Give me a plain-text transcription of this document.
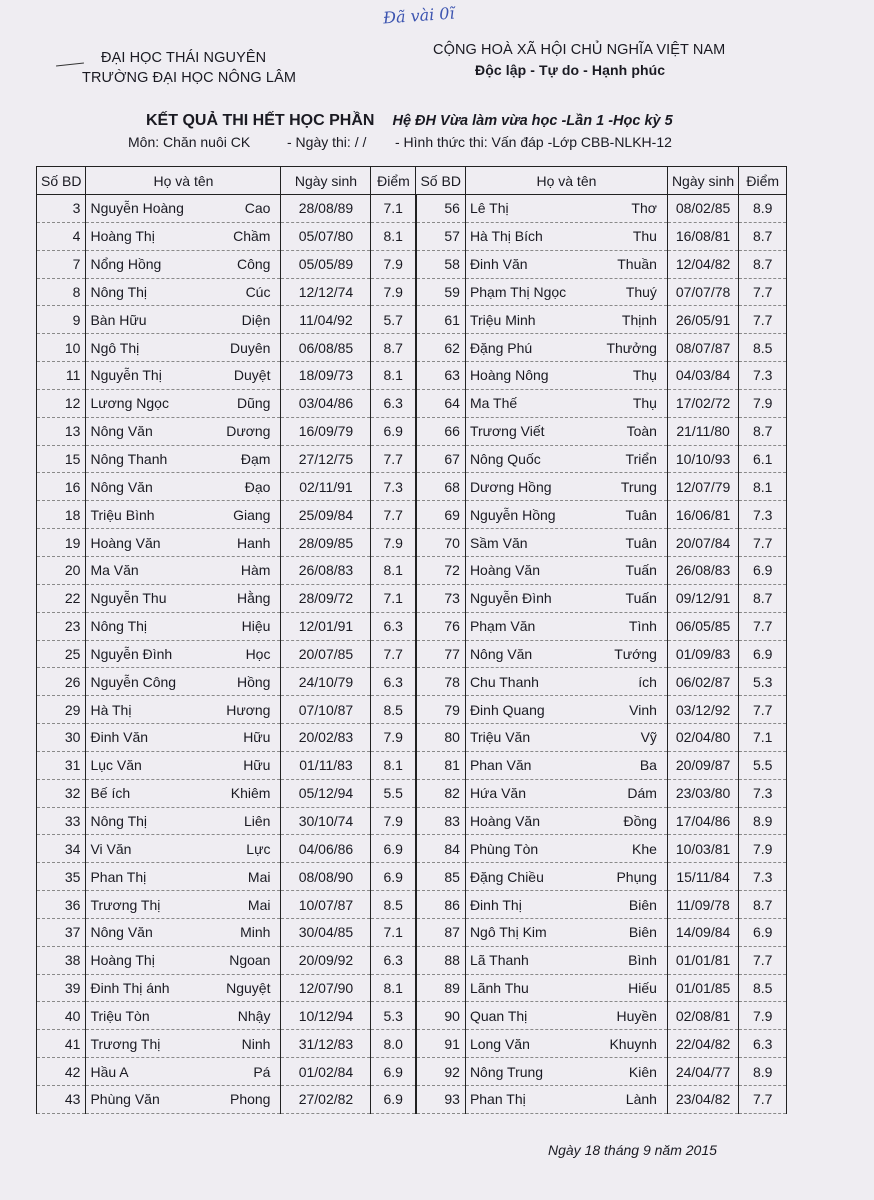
Đã vài 0ĩ
ĐẠI HỌC THÁI NGUYÊN
TRƯỜNG ĐẠI HỌC NÔNG LÂM
CỘNG HOÀ XÃ HỘI CHỦ NGHĨA VIỆT NAM
Độc lập - Tự do - Hạnh phúc
KẾT QUẢ THI HẾT HỌC PHẦN Hệ ĐH Vừa làm vừa học -Lần 1 -Học kỳ 5
Môn: Chăn nuôi CK	- Ngày thi: / / - Hình thức thi: Vấn đáp -Lớp CBB-NLKH-12
Số BD	Họ và tên	Ngày sinh	Điểm	Số BD	Họ và tên	Ngày sinh	Điểm
3	Nguyễn Hoàng Cao	28/08/89	7.1	56	Lê Thị Thơ	08/02/85	8.9
4	Hoàng Thị Chầm	05/07/80	8.1	57	Hà Thị Bích Thu	16/08/81	8.7
7	Nổng Hồng Công	05/05/89	7.9	58	Đinh Văn Thuần	12/04/82	8.7
8	Nông Thị Cúc	12/12/74	7.9	59	Phạm Thị Ngọc Thuý	07/07/78	7.7
9	Bàn Hữu Diện	11/04/92	5.7	61	Triệu Minh Thịnh	26/05/91	7.7
10	Ngô Thị Duyên	06/08/85	8.7	62	Đặng Phú Thưởng	08/07/87	8.5
11	Nguyễn Thị Duyệt	18/09/73	8.1	63	Hoàng Nông Thụ	04/03/84	7.3
12	Lương Ngọc Dũng	03/04/86	6.3	64	Ma Thế Thụ	17/02/72	7.9
13	Nông Văn Dương	16/09/79	6.9	66	Trương Viết Toàn	21/11/80	8.7
15	Nông Thanh Đạm	27/12/75	7.7	67	Nông Quốc Triển	10/10/93	6.1
16	Nông Văn Đạo	02/11/91	7.3	68	Dương Hồng Trung	12/07/79	8.1
18	Triệu Bình Giang	25/09/84	7.7	69	Nguyễn Hồng Tuân	16/06/81	7.3
19	Hoàng Văn Hanh	28/09/85	7.9	70	Sầm Văn Tuân	20/07/84	7.7
20	Ma Văn Hàm	26/08/83	8.1	72	Hoàng Văn Tuấn	26/08/83	6.9
22	Nguyễn Thu Hằng	28/09/72	7.1	73	Nguyễn Đình Tuấn	09/12/91	8.7
23	Nông Thị Hiệu	12/01/91	6.3	76	Phạm Văn Tình	06/05/85	7.7
25	Nguyễn Đình Học	20/07/85	7.7	77	Nông Văn Tướng	01/09/83	6.9
26	Nguyễn Công Hồng	24/10/79	6.3	78	Chu Thanh ích	06/02/87	5.3
29	Hà Thị Hương	07/10/87	8.5	79	Đinh Quang Vinh	03/12/92	7.7
30	Đinh Văn Hữu	20/02/83	7.9	80	Triệu Văn Vỹ	02/04/80	7.1
31	Lục Văn Hữu	01/11/83	8.1	81	Phan Văn Ba	20/09/87	5.5
32	Bế ích Khiêm	05/12/94	5.5	82	Hứa Văn Dám	23/03/80	7.3
33	Nông Thị Liên	30/10/74	7.9	83	Hoàng Văn Đồng	17/04/86	8.9
34	Vi Văn Lực	04/06/86	6.9	84	Phùng Tòn Khe	10/03/81	7.9
35	Phan Thị Mai	08/08/90	6.9	85	Đặng Chiều Phụng	15/11/84	7.3
36	Trương Thị Mai	10/07/87	8.5	86	Đinh Thị Biên	11/09/78	8.7
37	Nông Văn Minh	30/04/85	7.1	87	Ngô Thị Kim Biên	14/09/84	6.9
38	Hoàng Thị Ngoan	20/09/92	6.3	88	Lã Thanh Bình	01/01/81	7.7
39	Đinh Thị ánh Nguyệt	12/07/90	8.1	89	Lãnh Thu Hiếu	01/01/85	8.5
40	Triệu Tòn Nhậy	10/12/94	5.3	90	Quan Thị Huyền	02/08/81	7.9
41	Trương Thị Ninh	31/12/83	8.0	91	Long Văn Khuynh	22/04/82	6.3
42	Hầu A Pá	01/02/84	6.9	92	Nông Trung Kiên	24/04/77	8.9
43	Phùng Văn Phong	27/02/82	6.9	93	Phan Thị Lành	23/04/82	7.7
Ngày 18 tháng 9 năm 2015
